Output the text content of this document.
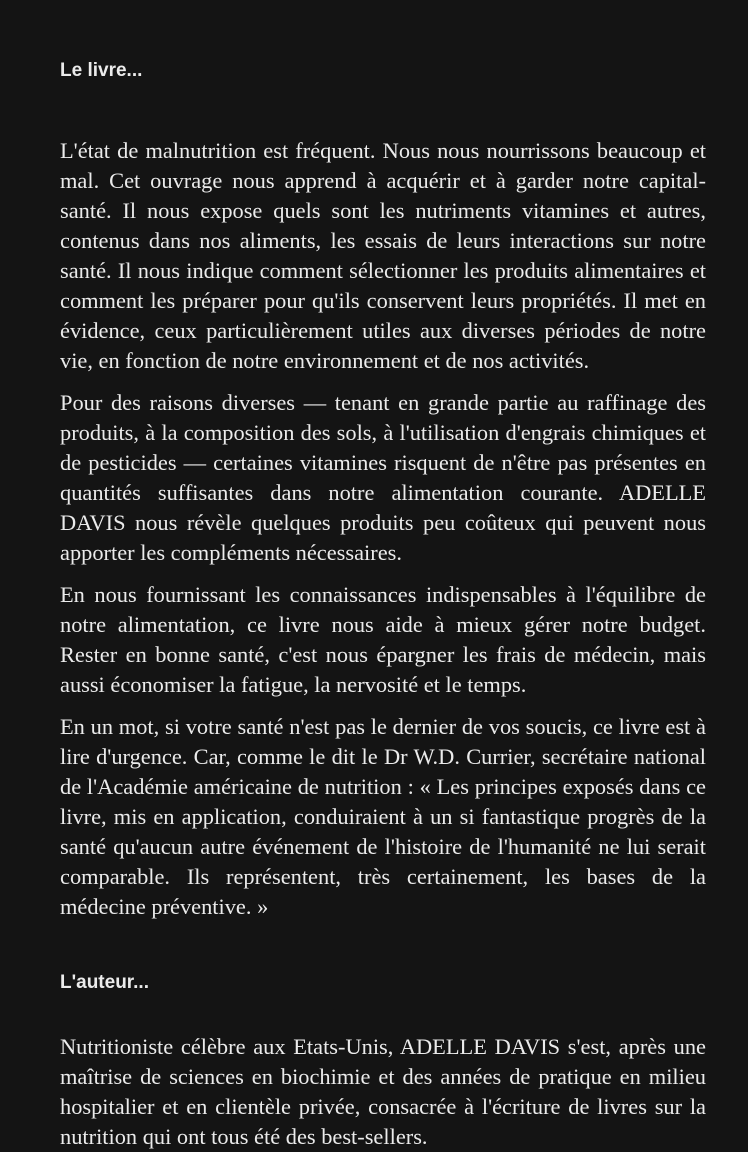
Le livre...

L'état de malnutrition est fréquent. Nous nous nourrissons beaucoup et mal. Cet ouvrage nous apprend à acquérir et à garder notre capital-santé. Il nous expose quels sont les nutriments vitamines et autres, contenus dans nos aliments, les essais de leurs interactions sur notre santé. Il nous indique comment sélectionner les produits alimentaires et comment les préparer pour qu'ils conservent leurs propriétés. Il met en évidence, ceux particulièrement utiles aux diverses périodes de notre vie, en fonction de notre environnement et de nos activités.

Pour des raisons diverses — tenant en grande partie au raffinage des produits, à la composition des sols, à l'utilisation d'engrais chimiques et de pesticides — certaines vitamines risquent de n'être pas présentes en quantités suffisantes dans notre alimentation courante. ADELLE DAVIS nous révèle quelques produits peu coûteux qui peuvent nous apporter les compléments nécessaires.

En nous fournissant les connaissances indispensables à l'équilibre de notre alimentation, ce livre nous aide à mieux gérer notre budget. Rester en bonne santé, c'est nous épargner les frais de médecin, mais aussi économiser la fatigue, la nervosité et le temps.

En un mot, si votre santé n'est pas le dernier de vos soucis, ce livre est à lire d'urgence. Car, comme le dit le Dr W.D. Currier, secrétaire national de l'Académie américaine de nutrition : « Les principes exposés dans ce livre, mis en application, conduiraient à un si fantastique progrès de la santé qu'aucun autre événement de l'histoire de l'humanité ne lui serait comparable. Ils représentent, très certainement, les bases de la médecine préventive. »

L'auteur...

Nutritioniste célèbre aux Etats-Unis, ADELLE DAVIS s'est, après une maîtrise de sciences en biochimie et des années de pratique en milieu hospitalier et en clientèle privée, consacrée à l'écriture de livres sur la nutrition qui ont tous été des best-sellers.
